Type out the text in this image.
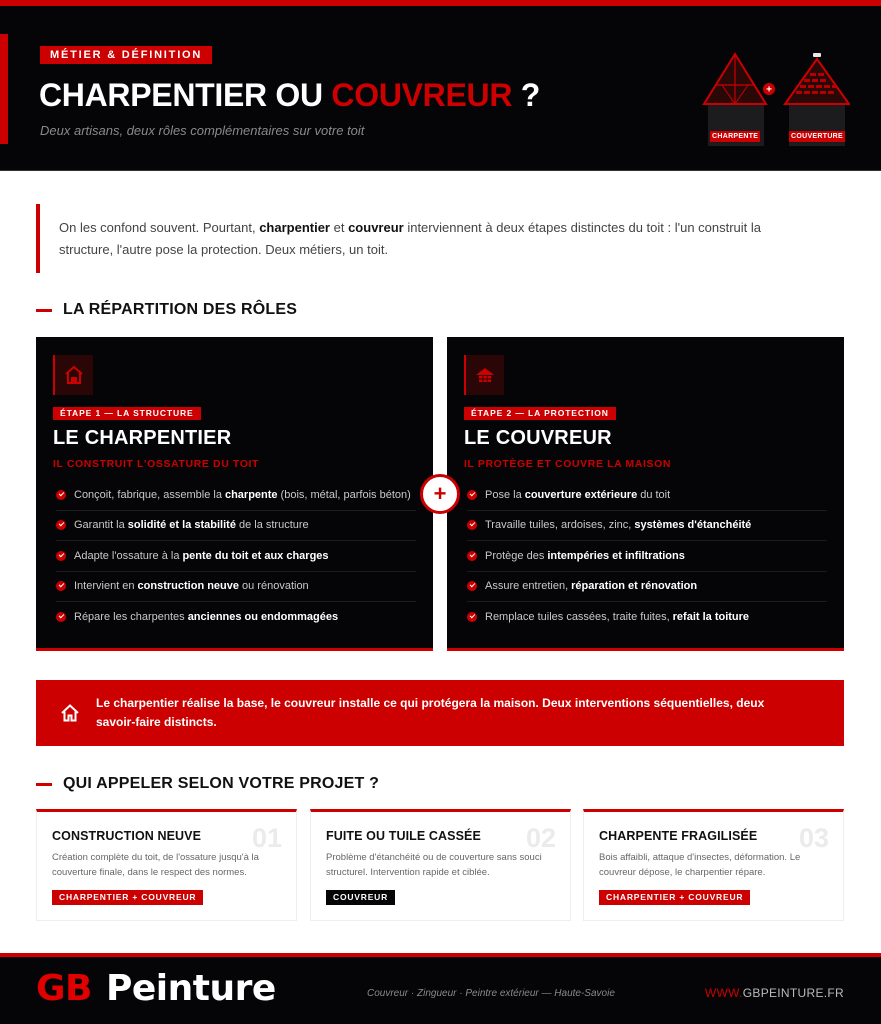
MÉTIER & DÉFINITION
CHARPENTIER OU COUVREUR ?
Deux artisans, deux rôles complémentaires sur votre toit
+
CHARPENTE	COUVERTURE
On les confond souvent. Pourtant, charpentier et couvreur interviennent à deux étapes distinctes du toit : l'un construit la structure, l'autre pose la protection. Deux métiers, un toit.
LA RÉPARTITION DES RÔLES
ÉTAPE 1 — LA STRUCTURE
LE CHARPENTIER
IL CONSTRUIT L'OSSATURE DU TOIT
Conçoit, fabrique, assemble la charpente (bois, métal, parfois béton)
Garantit la solidité et la stabilité de la structure
Adapte l'ossature à la pente du toit et aux charges
Intervient en construction neuve ou rénovation
Répare les charpentes anciennes ou endommagées
ÉTAPE 2 — LA PROTECTION
LE COUVREUR
IL PROTÈGE ET COUVRE LA MAISON
Pose la couverture extérieure du toit
Travaille tuiles, ardoises, zinc, systèmes d'étanchéité
Protège des intempéries et infiltrations
Assure entretien, réparation et rénovation
Remplace tuiles cassées, traite fuites, refait la toiture
+
Le charpentier réalise la base, le couvreur installe ce qui protégera la maison. Deux interventions séquentielles, deux savoir-faire distincts.
QUI APPELER SELON VOTRE PROJET ?
01
CONSTRUCTION NEUVE
Création complète du toit, de l'ossature jusqu'à la couverture finale, dans le respect des normes.
CHARPENTIER + COUVREUR
02
FUITE OU TUILE CASSÉE
Problème d'étanchéité ou de couverture sans souci structurel. Intervention rapide et ciblée.
COUVREUR
03
CHARPENTE FRAGILISÉE
Bois affaibli, attaque d'insectes, déformation. Le couvreur dépose, le charpentier répare.
CHARPENTIER + COUVREUR
GB Peinture	Couvreur · Zingueur · Peintre extérieur — Haute-Savoie	WWW.GBPEINTURE.FR
